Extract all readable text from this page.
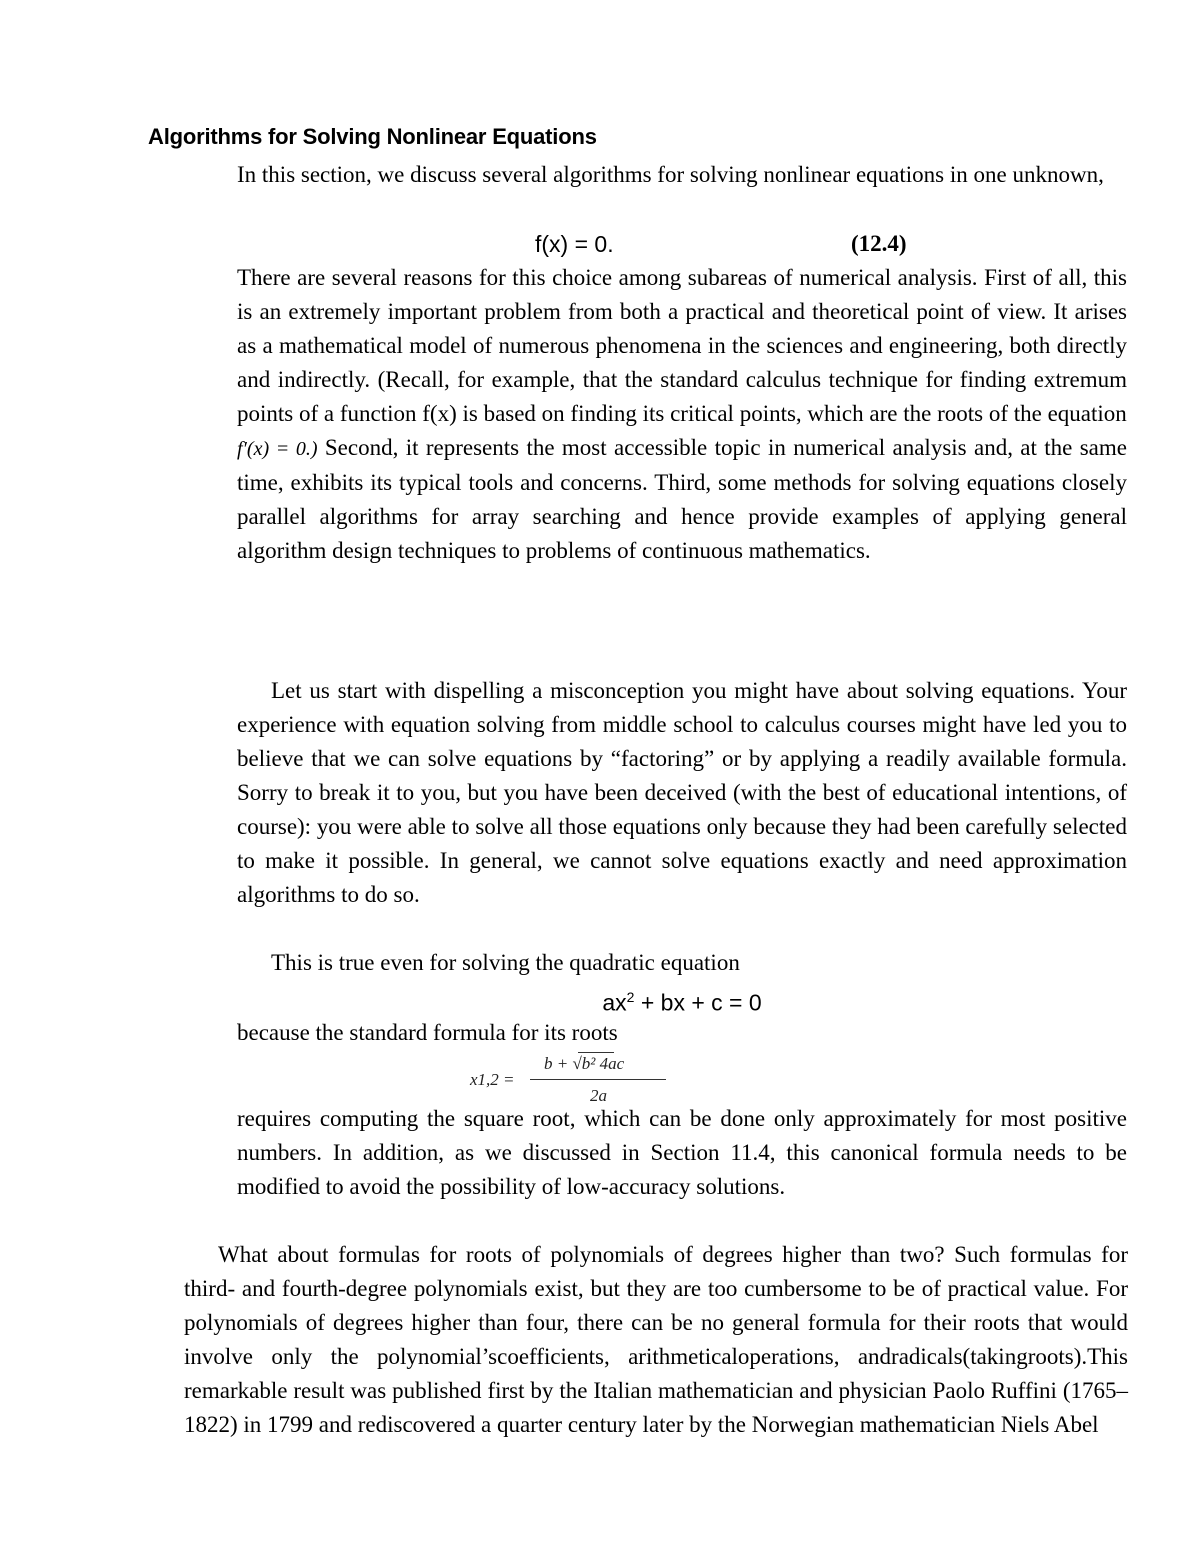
Algorithms for Solving Nonlinear Equations
In this section, we discuss several algorithms for solving nonlinear equations in one unknown,
f(x) = 0.	(12.4)
There are several reasons for this choice among subareas of numerical analysis. First of all, this is an extremely important problem from both a practical and theoretical point of view. It arises as a mathematical model of numerous phenomena in the sciences and engineering, both directly and indirectly. (Recall, for example, that the standard calculus technique for finding extremum points of a function f(x) is based on finding its critical points, which are the roots of the equation
f′(x) = 0.) Second, it represents the most accessible topic in numerical analysis and, at the same time, exhibits its typical tools and concerns. Third, some methods for solving equations closely parallel algorithms for array searching and hence provide examples of applying general algorithm design techniques to problems of continuous mathematics.
Let us start with dispelling a misconception you might have about solving equations. Your experience with equation solving from middle school to calculus courses might have led you to believe that we can solve equations by “factoring” or by applying a readily available formula. Sorry to break it to you, but you have been deceived (with the best of educational intentions, of course): you were able to solve all those equations only because they had been carefully selected to make it possible. In general, we cannot solve equations exactly and need approximation algorithms to do so.
This is true even for solving the quadratic equation
$ax^2$ + bx + c = 0
because the standard formula for its roots
x1,2 =
b + √b² 4ac
2a
requires computing the square root, which can be done only approximately for most positive numbers. In addition, as we discussed in Section 11.4, this canonical formula needs to be modified to avoid the possibility of low-accuracy solutions.
What about formulas for roots of polynomials of degrees higher than two? Such formulas for third- and fourth-degree polynomials exist, but they are too cumbersome to be of practical value. For polynomials of degrees higher than four, there can be no general formula for their roots that would involve only the polynomial’scoefficients, arithmeticaloperations, andradicals(takingroots).This remarkable result was published first by the Italian mathematician and physician Paolo Ruffini (1765–1822) in 1799 and rediscovered a quarter century later by the Norwegian mathematician Niels Abel
